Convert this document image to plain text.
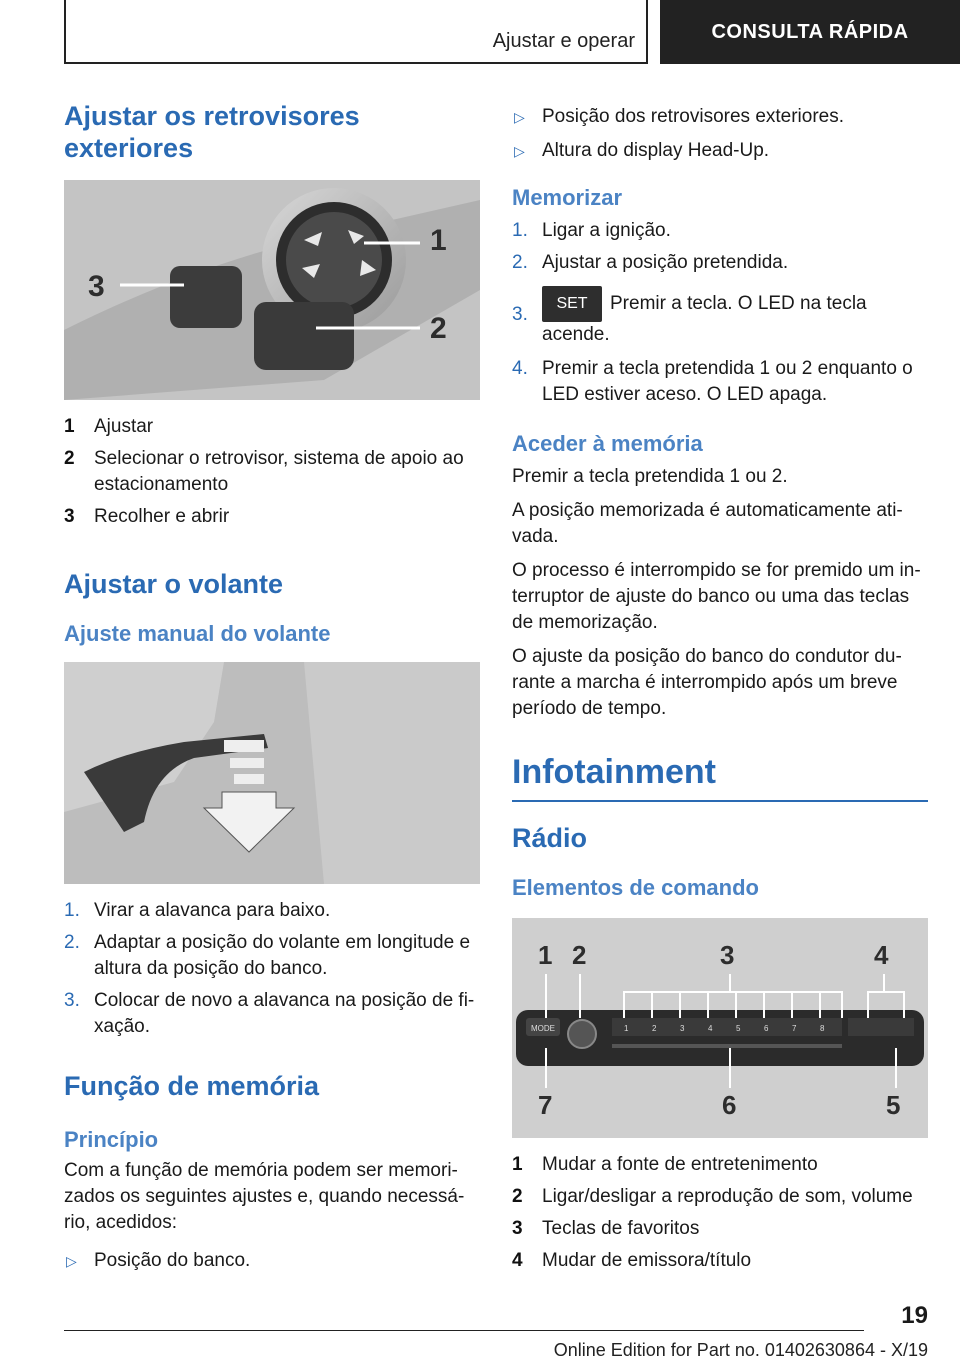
Ajustar e operar	CONSULTA RÁPIDA
Ajustar os retrovisores exteriores
1
2
3
1 Ajustar
2 Selecionar o retrovisor, sistema de apoio ao estacionamento
3 Recolher e abrir
Ajustar o volante
Ajuste manual do volante
1. Virar a alavanca para baixo.
2. Adaptar a posição do volante em longitude e altura da posição do banco.
3. Colocar de novo a alavanca na posição de fi-xação.
Função de memória
Princípio

Com a função de memória podem ser memori-zados os seguintes ajustes e, quando necessá-rio, acedidos:

▷ Posição do banco.
▷ Posição dos retrovisores exteriores.
▷ Altura do display Head-Up.
Memorizar
1. Ligar a ignição.
2. Ajustar a posição pretendida.
3.
SET Premir a tecla. O LED na tecla acende.
4. Premir a tecla pretendida 1 ou 2 enquanto o LED estiver aceso. O LED apaga.
Aceder à memória

Premir a tecla pretendida 1 ou 2.

A posição memorizada é automaticamente ati-vada.

O processo é interrompido se for premido um in-terruptor de ajuste do banco ou uma das teclas de memorização.

O ajuste da posição do banco do condutor du-rante a marcha é interrompido após um breve período de tempo.

Infotainment
Rádio
Elementos de comando
MODE	1	2	3	4	5	6	7	8
1 2	3	4
5
6
7
1 Mudar a fonte de entretenimento
2 Ligar/desligar a reprodução de som, volume
3 Teclas de favoritos
4 Mudar de emissora/título
19
Online Edition for Part no. 01402630864 - X/19
